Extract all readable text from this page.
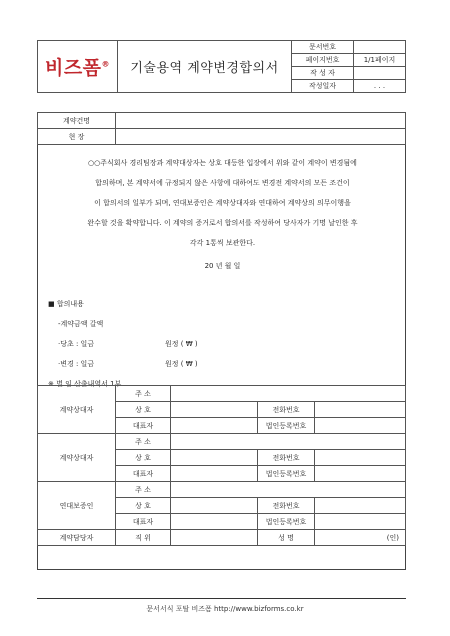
비즈폼®	기술용역 계약변경합의서	문서번호	
		페이지번호	1/1페이지
		작 성 자	
		작성일자	. . .
계약건명	
현 장	

○○주식회사 경리팀장과 계약대상자는 상호 대등한 입장에서 위와 같이 계약이 변경됨에

합의하며, 본 계약서에 규정되지 않은 사항에 대하여도 변경전 계약서의 모든 조건이

이 합의서의 일부가 되며, 연대보증인은 계약상대자와 연대하여 계약상의 의무이행을

완수할 것을 확약합니다. 이 계약의 증거로서 합의서를 작성하여 당사자가 기명 날인한 후

각각 1통씩 보관한다.

20 년 월 일
■ 합의내용
-계약금액 갈액
·당초 : 일금	원정 ( ₩ )
·변경 : 일금	원정 ( ₩ )
※ 별 임 산출내역서 1부
계약상대자	주 소			
	상 호		전화번호	
	대표자		법인등록번호	
계약상대자	주 소			
	상 호		전화번호	
	대표자		법인등록번호	
연대보증인	주 소			
	상 호		전화번호	
	대표자		법인등록번호	
계약담당자	직 위		성 명	(인)
문서서식 포탈 비즈폼 http://www.bizforms.co.kr
